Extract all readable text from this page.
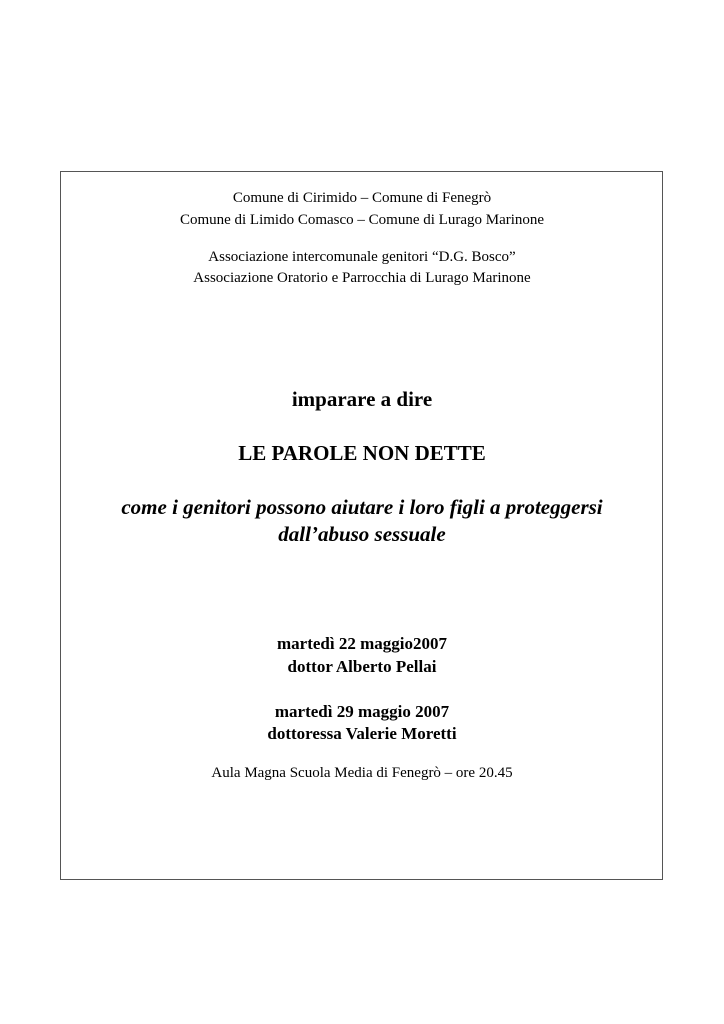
Comune di Cirimido – Comune di Fenegrò
Comune di Limido Comasco – Comune di Lurago Marinone
Associazione intercomunale genitori “D.G. Bosco”
Associazione Oratorio e Parrocchia di Lurago Marinone
imparare a dire
LE PAROLE NON DETTE
come i genitori possono aiutare i loro figli a proteggersi
dall’abuso sessuale
martedì 22 maggio2007
dottor Alberto Pellai
martedì 29 maggio 2007
dottoressa Valerie Moretti
Aula Magna Scuola Media di Fenegrò – ore 20.45
